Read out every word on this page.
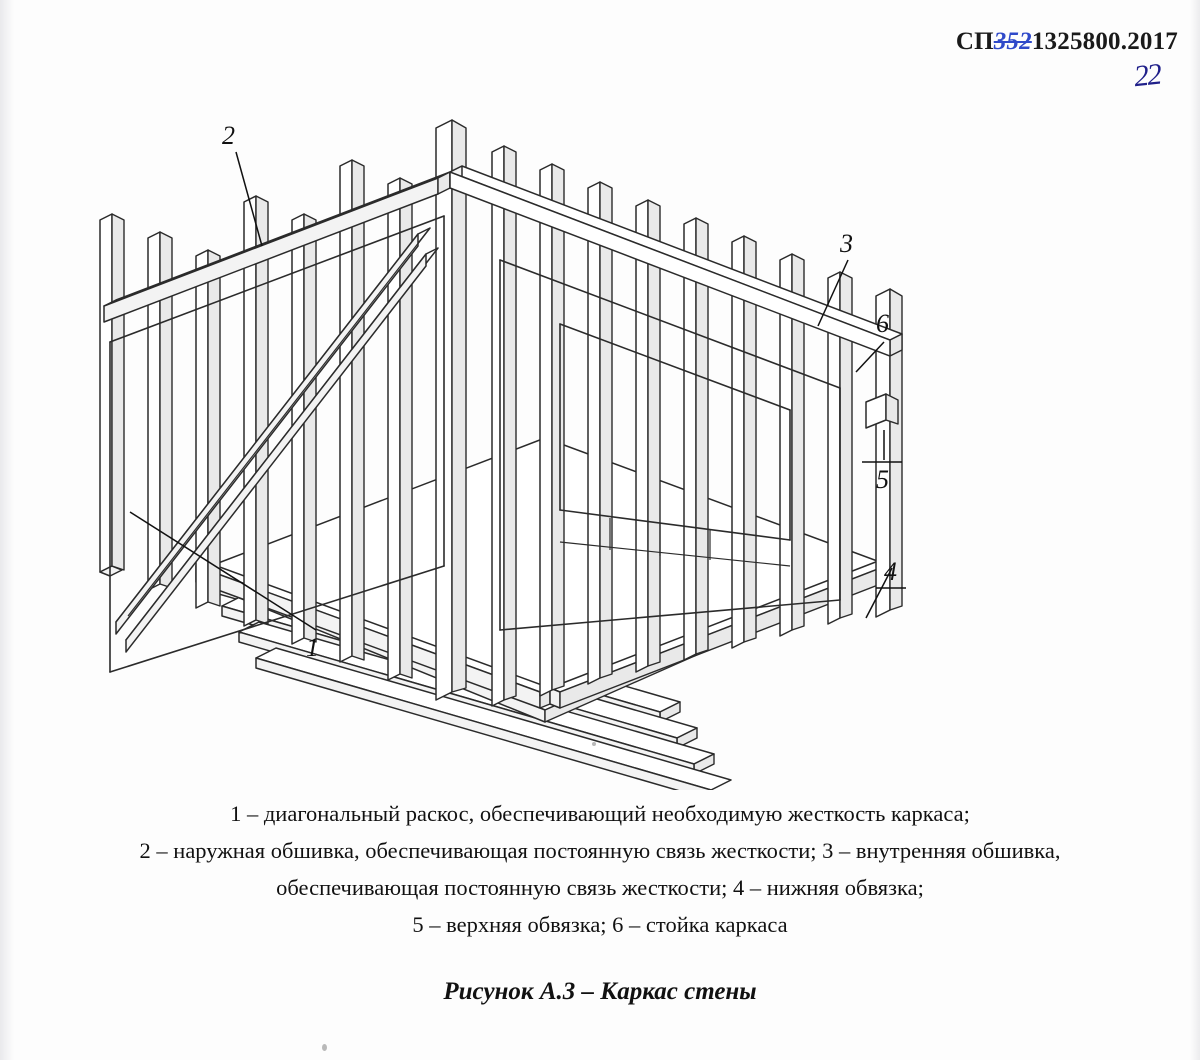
СП3521325800.2017
22
2
3
6
5
4
1
1 – диагональный раскос, обеспечивающий необходимую жесткость каркаса;
2 – наружная обшивка, обеспечивающая постоянную связь жесткости; 3 – внутренняя обшивка,
обеспечивающая постоянную связь жесткости; 4 – нижняя обвязка;
5 – верхняя обвязка; 6 – стойка каркаса
Рисунок А.3 – Каркас стены
